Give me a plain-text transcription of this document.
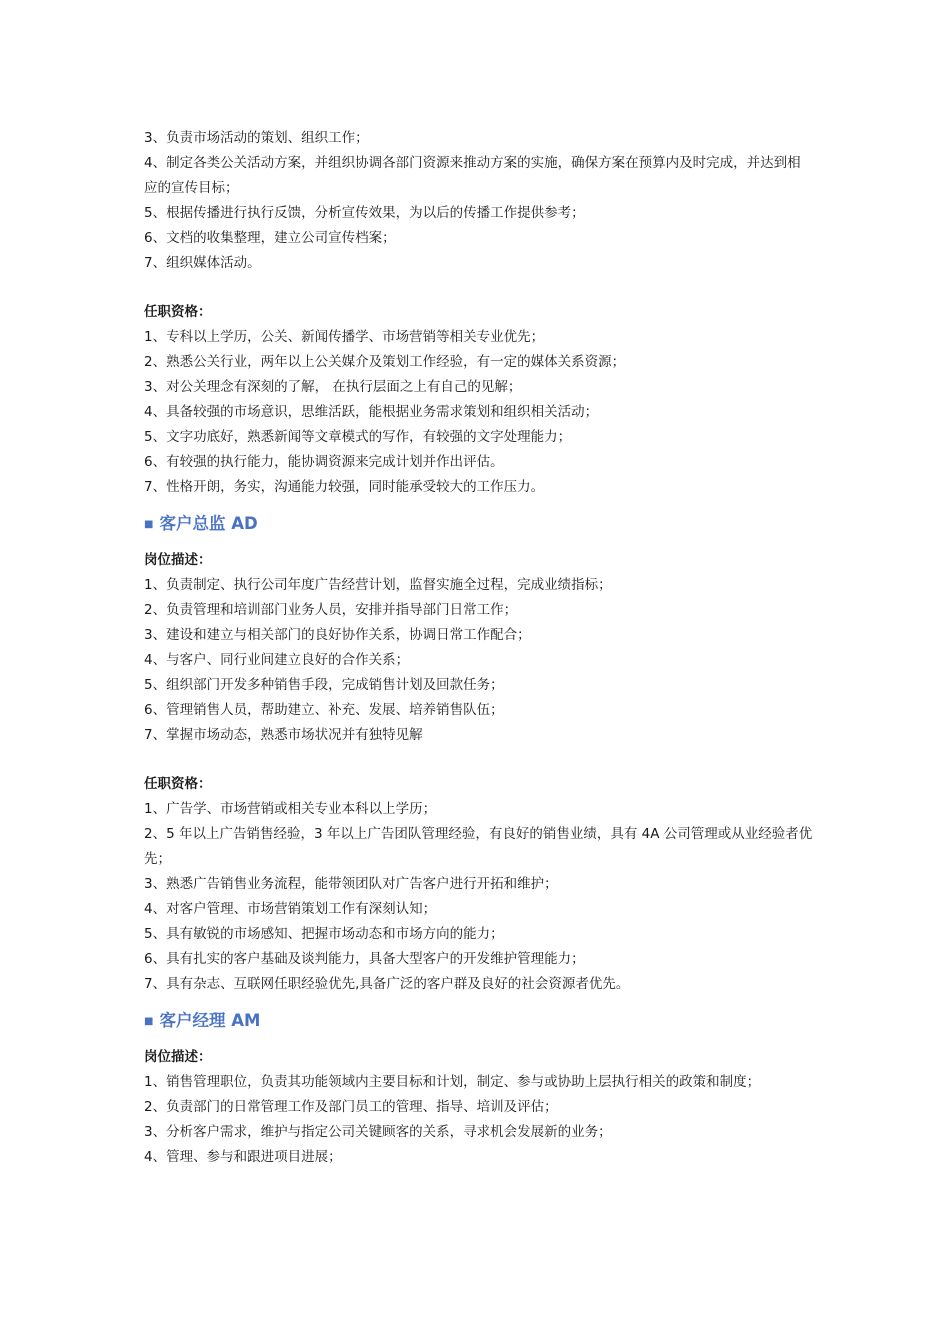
3、负责市场活动的策划、组织工作；
4、制定各类公关活动方案，并组织协调各部门资源来推动方案的实施，确保方案在预算内及时完成，并达到相应的宣传目标；
5、根据传播进行执行反馈，分析宣传效果，为以后的传播工作提供参考；
6、文档的收集整理，建立公司宣传档案；
7、组织媒体活动。
任职资格：
1、专科以上学历，公关、新闻传播学、市场营销等相关专业优先；
2、熟悉公关行业，两年以上公关媒介及策划工作经验，有一定的媒体关系资源；
3、对公关理念有深刻的了解， 在执行层面之上有自己的见解；
4、具备较强的市场意识，思维活跃，能根据业务需求策划和组织相关活动；
5、文字功底好，熟悉新闻等文章模式的写作，有较强的文字处理能力；
6、有较强的执行能力，能协调资源来完成计划并作出评估。
7、性格开朗，务实，沟通能力较强，同时能承受较大的工作压力。
■ 客户总监 AD
岗位描述：
1、负责制定、执行公司年度广告经营计划，监督实施全过程，完成业绩指标；
2、负责管理和培训部门业务人员，安排并指导部门日常工作；
3、建设和建立与相关部门的良好协作关系，协调日常工作配合；
4、与客户、同行业间建立良好的合作关系；
5、组织部门开发多种销售手段，完成销售计划及回款任务；
6、管理销售人员，帮助建立、补充、发展、培养销售队伍；
7、掌握市场动态，熟悉市场状况并有独特见解
任职资格：
1、广告学、市场营销或相关专业本科以上学历；
2、5 年以上广告销售经验，3 年以上广告团队管理经验，有良好的销售业绩，具有 4A 公司管理或从业经验者优先；
3、熟悉广告销售业务流程，能带领团队对广告客户进行开拓和维护；
4、对客户管理、市场营销策划工作有深刻认知；
5、具有敏锐的市场感知、把握市场动态和市场方向的能力；
6、具有扎实的客户基础及谈判能力，具备大型客户的开发维护管理能力；
7、具有杂志、互联网任职经验优先,具备广泛的客户群及良好的社会资源者优先。
■ 客户经理 AM
岗位描述：
1、销售管理职位，负责其功能领域内主要目标和计划，制定、参与或协助上层执行相关的政策和制度；
2、负责部门的日常管理工作及部门员工的管理、指导、培训及评估；
3、分析客户需求，维护与指定公司关键顾客的关系，寻求机会发展新的业务；
4、管理、参与和跟进项目进展；
